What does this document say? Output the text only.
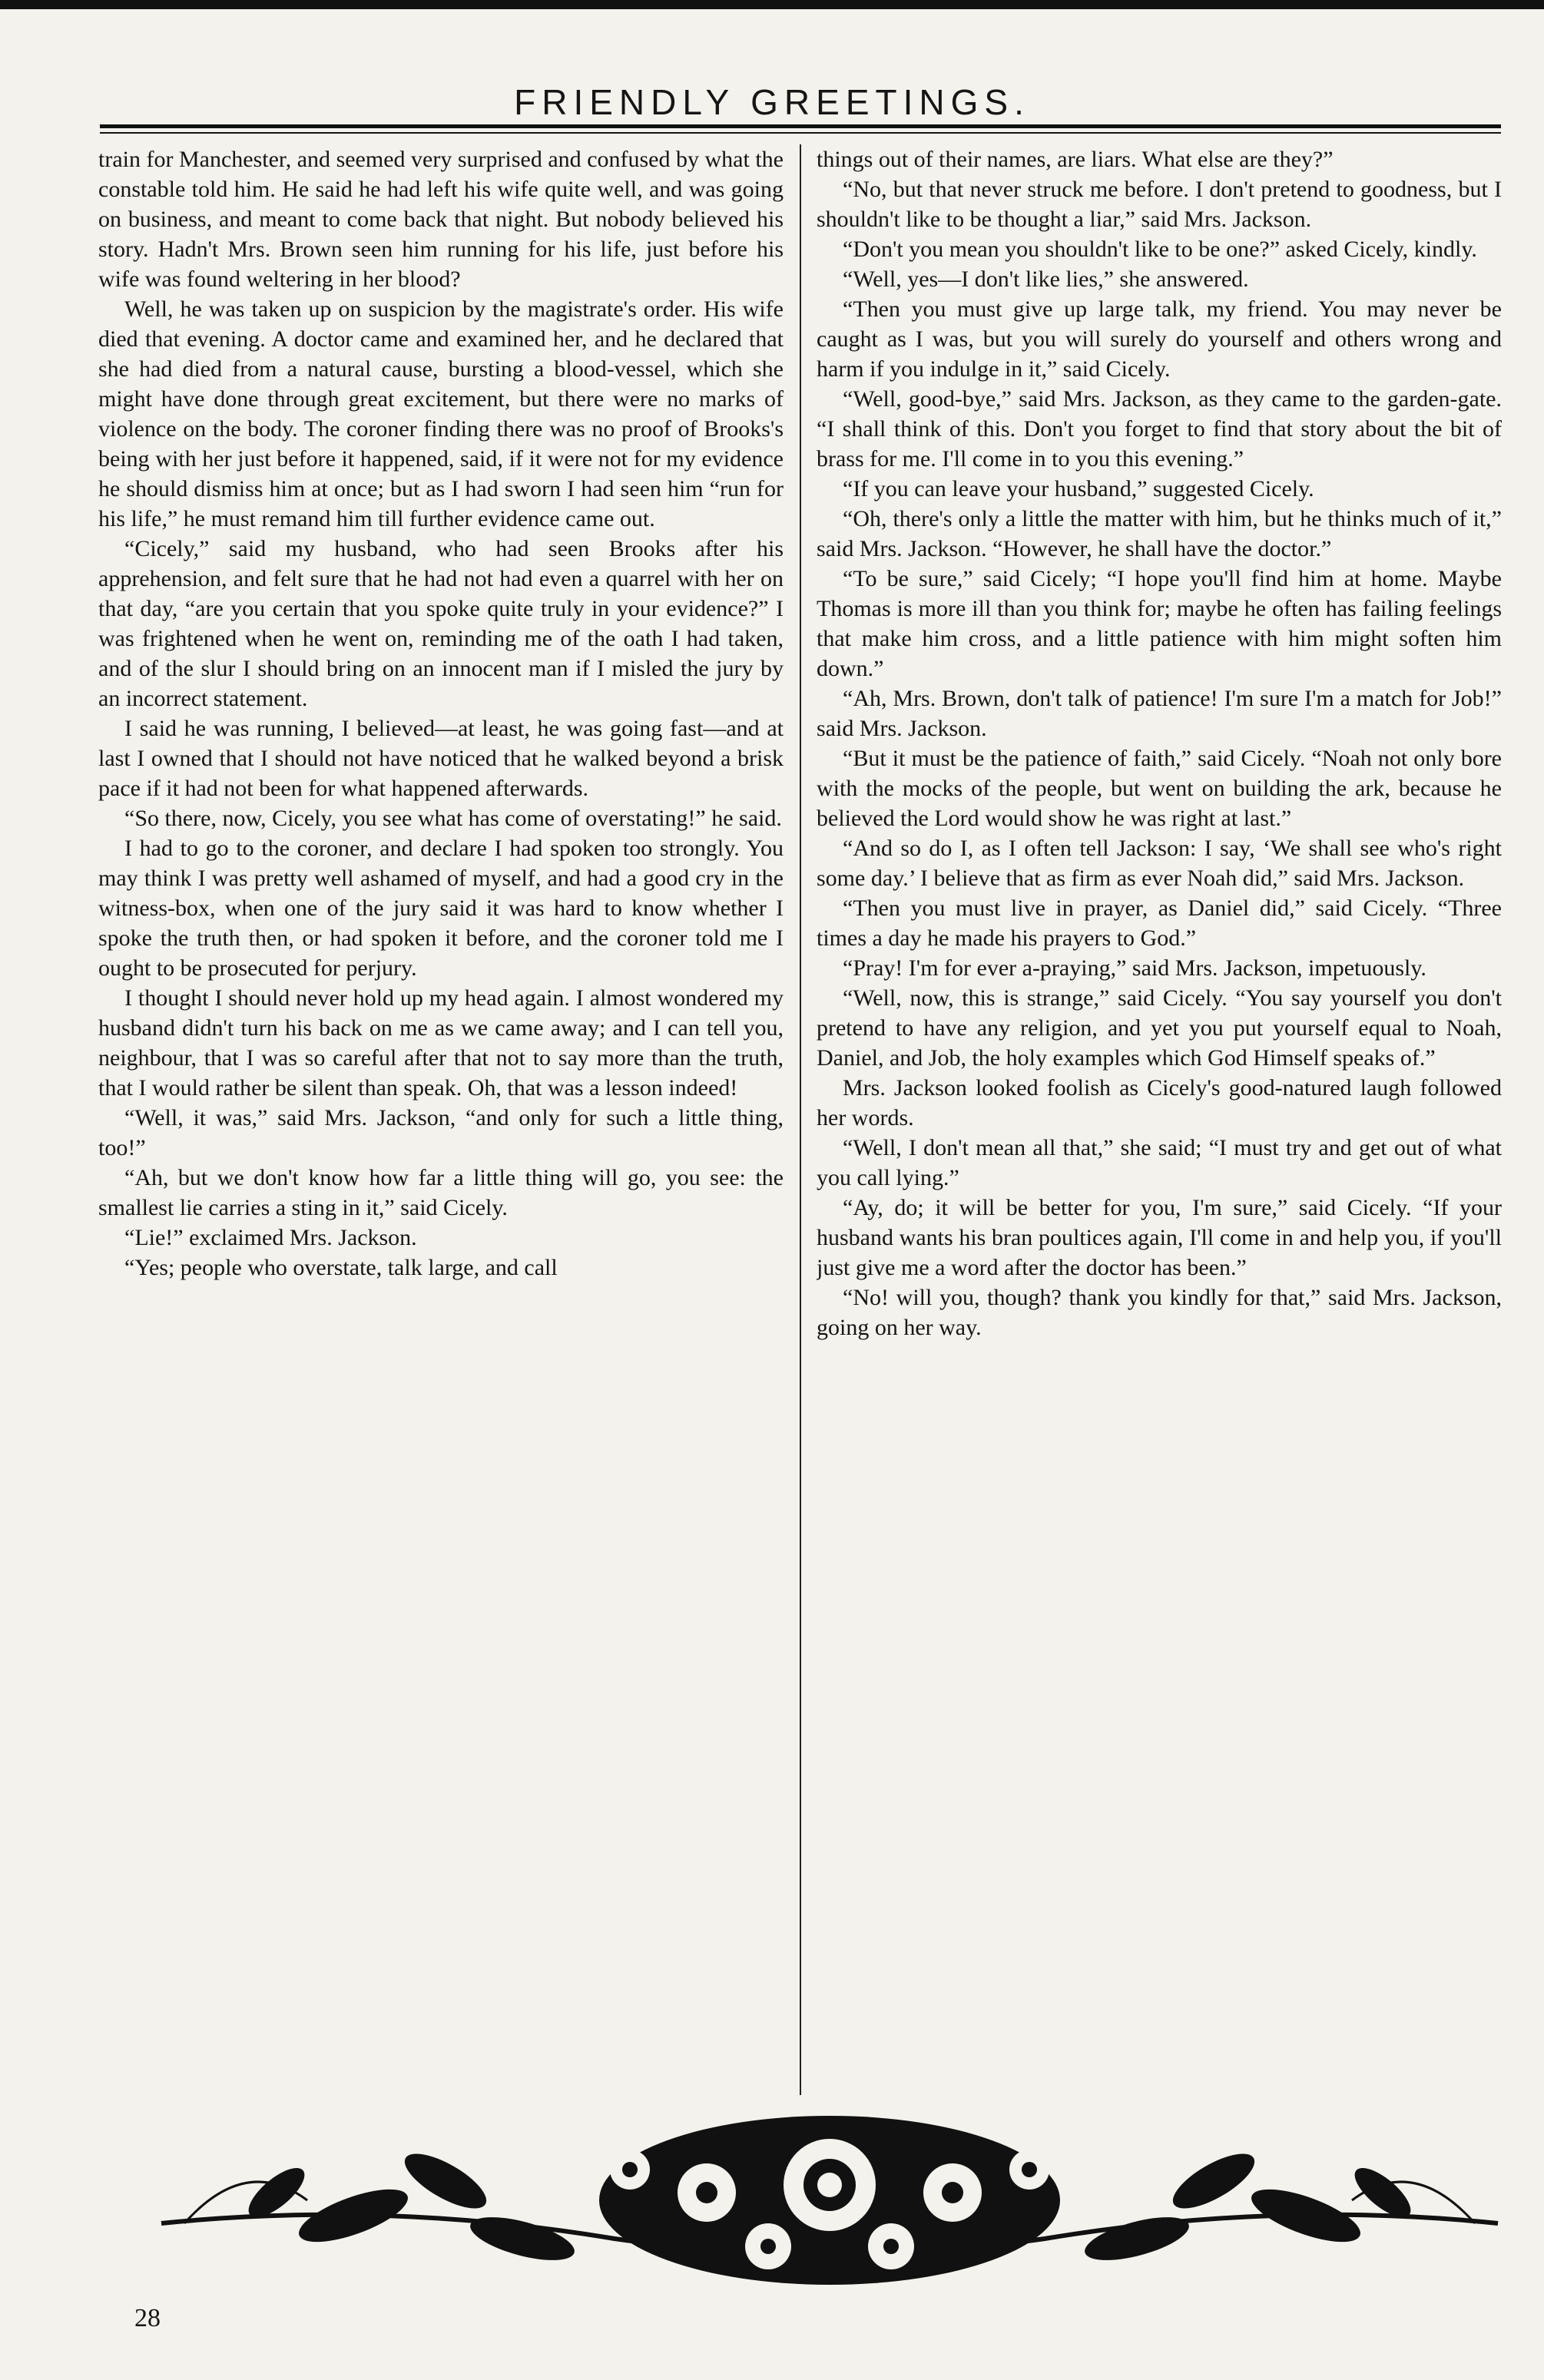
FRIENDLY GREETINGS.

train for Manchester, and seemed very surprised and confused by what the constable told him. He said he had left his wife quite well, and was going on business, and meant to come back that night. But nobody believed his story. Hadn't Mrs. Brown seen him running for his life, just before his wife was found weltering in her blood?

Well, he was taken up on suspicion by the magistrate's order. His wife died that evening. A doctor came and examined her, and he declared that she had died from a natural cause, bursting a blood-vessel, which she might have done through great excitement, but there were no marks of violence on the body. The coroner finding there was no proof of Brooks's being with her just before it happened, said, if it were not for my evidence he should dismiss him at once; but as I had sworn I had seen him “run for his life,” he must remand him till further evidence came out.

“Cicely,” said my husband, who had seen Brooks after his apprehension, and felt sure that he had not had even a quarrel with her on that day, “are you certain that you spoke quite truly in your evidence?” I was frightened when he went on, reminding me of the oath I had taken, and of the slur I should bring on an innocent man if I misled the jury by an incorrect statement.

I said he was running, I believed—at least, he was going fast—and at last I owned that I should not have noticed that he walked beyond a brisk pace if it had not been for what happened afterwards.

“So there, now, Cicely, you see what has come of overstating!” he said.

I had to go to the coroner, and declare I had spoken too strongly. You may think I was pretty well ashamed of myself, and had a good cry in the witness-box, when one of the jury said it was hard to know whether I spoke the truth then, or had spoken it before, and the coroner told me I ought to be prosecuted for perjury.

I thought I should never hold up my head again. I almost wondered my husband didn't turn his back on me as we came away; and I can tell you, neighbour, that I was so careful after that not to say more than the truth, that I would rather be silent than speak. Oh, that was a lesson indeed!

“Well, it was,” said Mrs. Jackson, “and only for such a little thing, too!”

“Ah, but we don't know how far a little thing will go, you see: the smallest lie carries a sting in it,” said Cicely.

“Lie!” exclaimed Mrs. Jackson.

“Yes; people who overstate, talk large, and call

things out of their names, are liars. What else are they?”

“No, but that never struck me before. I don't pretend to goodness, but I shouldn't like to be thought a liar,” said Mrs. Jackson.

“Don't you mean you shouldn't like to be one?” asked Cicely, kindly.

“Well, yes—I don't like lies,” she answered.

“Then you must give up large talk, my friend. You may never be caught as I was, but you will surely do yourself and others wrong and harm if you indulge in it,” said Cicely.

“Well, good-bye,” said Mrs. Jackson, as they came to the garden-gate. “I shall think of this. Don't you forget to find that story about the bit of brass for me. I'll come in to you this evening.”

“If you can leave your husband,” suggested Cicely.

“Oh, there's only a little the matter with him, but he thinks much of it,” said Mrs. Jackson. “However, he shall have the doctor.”

“To be sure,” said Cicely; “I hope you'll find him at home. Maybe Thomas is more ill than you think for; maybe he often has failing feelings that make him cross, and a little patience with him might soften him down.”

“Ah, Mrs. Brown, don't talk of patience! I'm sure I'm a match for Job!” said Mrs. Jackson.

“But it must be the patience of faith,” said Cicely. “Noah not only bore with the mocks of the people, but went on building the ark, because he believed the Lord would show he was right at last.”

“And so do I, as I often tell Jackson: I say, ‘We shall see who's right some day.’ I believe that as firm as ever Noah did,” said Mrs. Jackson.

“Then you must live in prayer, as Daniel did,” said Cicely. “Three times a day he made his prayers to God.”

“Pray! I'm for ever a-praying,” said Mrs. Jackson, impetuously.

“Well, now, this is strange,” said Cicely. “You say yourself you don't pretend to have any religion, and yet you put yourself equal to Noah, Daniel, and Job, the holy examples which God Himself speaks of.”

Mrs. Jackson looked foolish as Cicely's good-natured laugh followed her words.

“Well, I don't mean all that,” she said; “I must try and get out of what you call lying.”

“Ay, do; it will be better for you, I'm sure,” said Cicely. “If your husband wants his bran poultices again, I'll come in and help you, if you'll just give me a word after the doctor has been.”

“No! will you, though? thank you kindly for that,” said Mrs. Jackson, going on her way.

28
